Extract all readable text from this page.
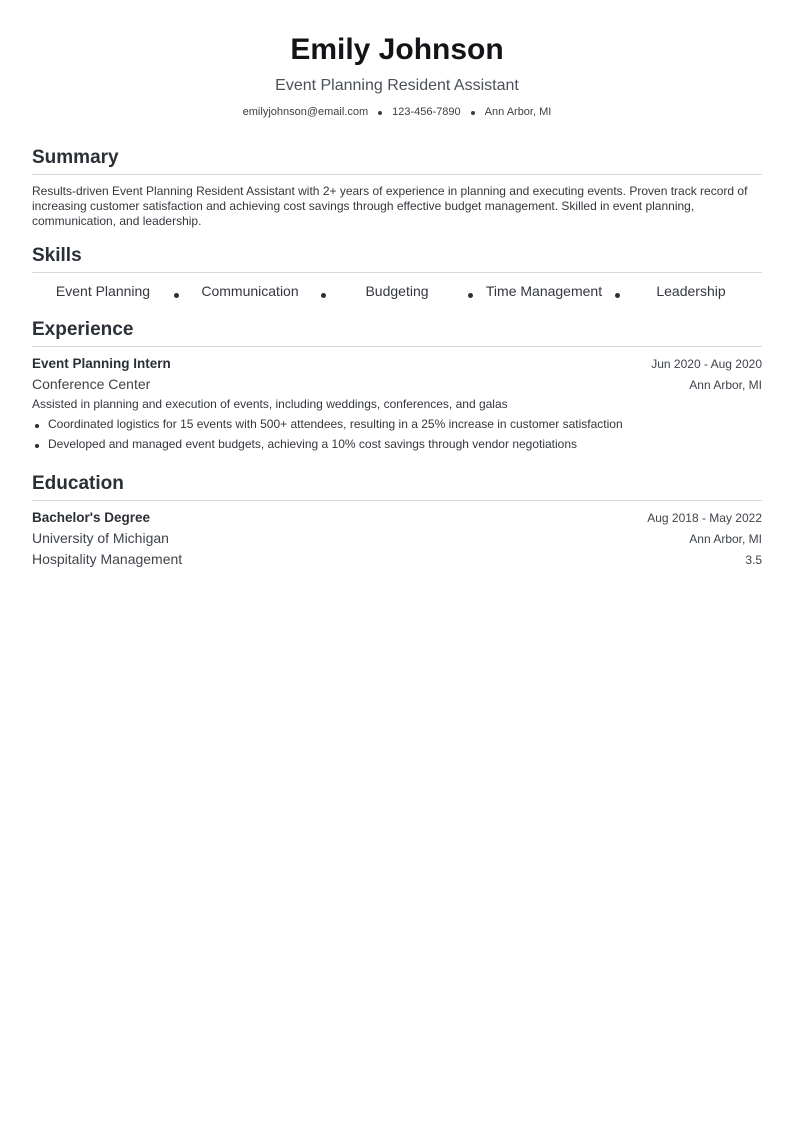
Emily Johnson
Event Planning Resident Assistant
emilyjohnson@email.com 123-456-7890 Ann Arbor, MI
Summary
Results-driven Event Planning Resident Assistant with 2+ years of experience in planning and executing events. Proven track record of increasing customer satisfaction and achieving cost savings through effective budget management. Skilled in event planning, communication, and leadership.
Skills
Event Planning	Communication	Budgeting	Time Management	Leadership
Experience
Event Planning Intern	Jun 2020 - Aug 2020
Conference Center	Ann Arbor, MI
Assisted in planning and execution of events, including weddings, conferences, and galas
Coordinated logistics for 15 events with 500+ attendees, resulting in a 25% increase in customer satisfaction
Developed and managed event budgets, achieving a 10% cost savings through vendor negotiations
Education
Bachelor's Degree	Aug 2018 - May 2022
University of Michigan	Ann Arbor, MI
Hospitality Management	3.5
